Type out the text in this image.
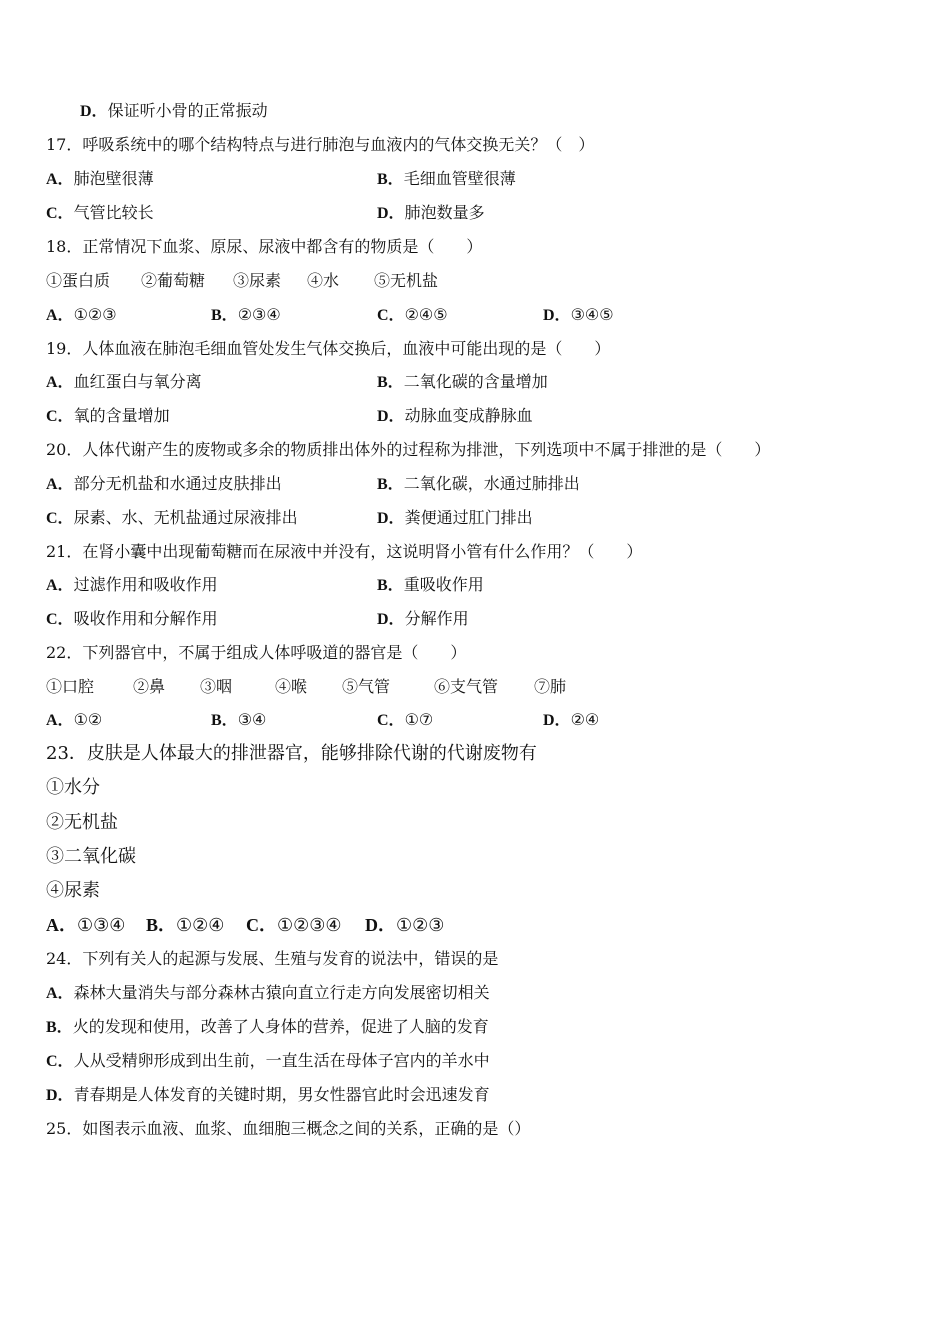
D．保证听小骨的正常振动
17．呼吸系统中的哪个结构特点与进行肺泡与血液内的气体交换无关？（　）
A．肺泡壁很薄	B．毛细血管壁很薄
C．气管比较长	D．肺泡数量多
18．正常情况下血浆、原尿、尿液中都含有的物质是（　　）
①蛋白质 ②葡萄糖 ③尿素 ④水 ⑤无机盐
A．①②③	B．②③④	C．②④⑤	D．③④⑤
19．人体血液在肺泡毛细血管处发生气体交换后，血液中可能出现的是（　　）
A．血红蛋白与氧分离	B．二氧化碳的含量增加
C．氧的含量增加	D．动脉血变成静脉血
20．人体代谢产生的废物或多余的物质排出体外的过程称为排泄，下列选项中不属于排泄的是（　　）
A．部分无机盐和水通过皮肤排出	B．二氧化碳，水通过肺排出
C．尿素、水、无机盐通过尿液排出	D．粪便通过肛门排出
21．在肾小囊中出现葡萄糖而在尿液中并没有，这说明肾小管有什么作用？（　　）
A．过滤作用和吸收作用	B．重吸收作用
C．吸收作用和分解作用	D．分解作用
22．下列器官中，不属于组成人体呼吸道的器官是（　　）
①口腔 ②鼻 ③咽	④喉 ⑤气管	⑥支气管 ⑦肺
A．①②	B．③④	C．①⑦	D．②④
23．皮肤是人体最大的排泄器官，能够排除代谢的代谢废物有
①水分
②无机盐
③二氧化碳
④尿素
A．①③④ B．①②④ C．①②③④ D．①②③
24．下列有关人的起源与发展、生殖与发育的说法中，错误的是
A．森林大量消失与部分森林古猿向直立行走方向发展密切相关
B．火的发现和使用，改善了人身体的营养，促进了人脑的发育
C．人从受精卵形成到出生前，一直生活在母体子宫内的羊水中
D．青春期是人体发育的关键时期，男女性器官此时会迅速发育
25．如图表示血液、血浆、血细胞三概念之间的关系，正确的是（）
